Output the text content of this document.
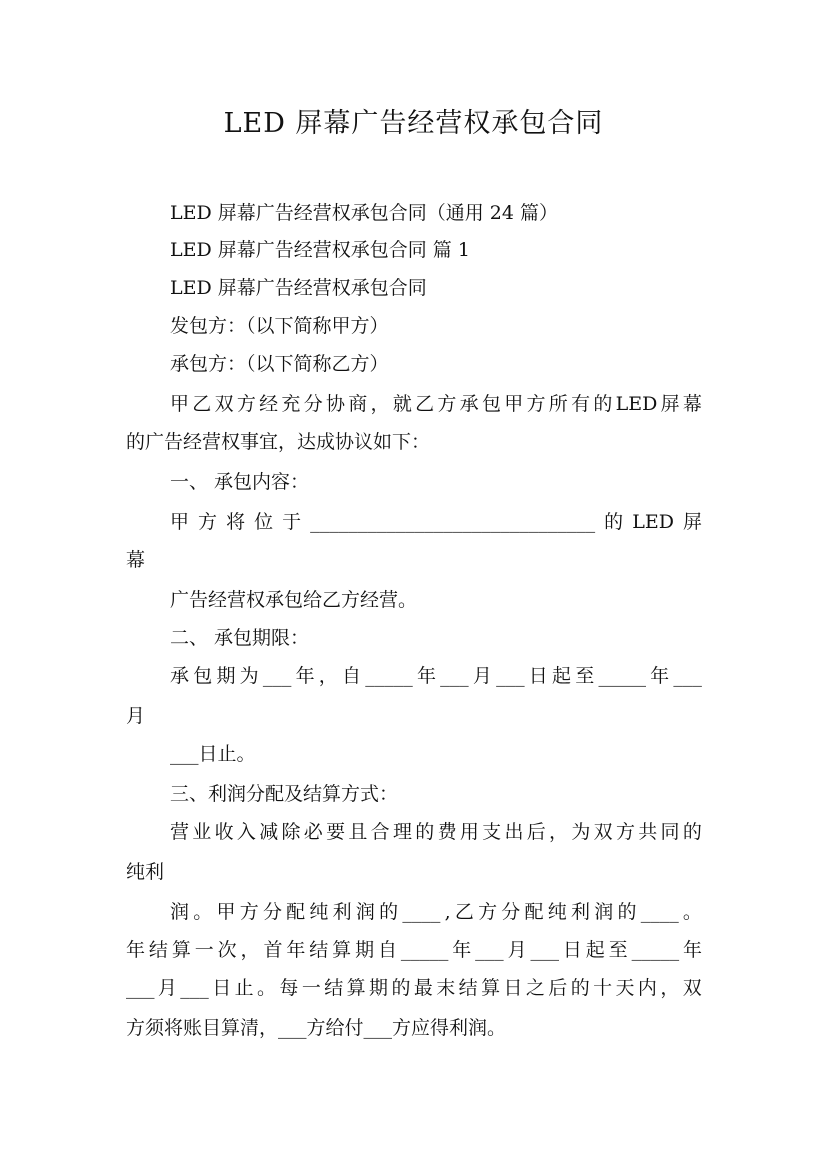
LED 屏幕广告经营权承包合同
LED 屏幕广告经营权承包合同（通用 24 篇）
LED 屏幕广告经营权承包合同 篇 1
LED 屏幕广告经营权承包合同
发包方：（以下简称甲方）
承包方：（以下简称乙方）
甲 乙 双 方 经 充 分 协 商 ， 就 乙 方 承 包 甲 方 所 有 的 LED 屏 幕
的广告经营权事宜，达成协议如下：
一、 承包内容：
甲 方 将 位 于 ______________________________ 的 LED 屏
幕
广告经营权承包给乙方经营。
二、 承包期限：
承 包 期 为 ___ 年 ， 自 _____ 年 ___ 月 ___ 日 起 至 _____ 年 ___
月
___日止。
三、利润分配及结算方式：
营 业 收 入 减 除 必 要 且 合 理 的 费 用 支 出 后 ， 为 双 方 共 同 的
纯利
润 。 甲 方 分 配 纯 利 润 的 ____ , 乙 方 分 配 纯 利 润 的 ____ 。
年 结 算 一 次 ， 首 年 结 算 期 自 _____ 年 ___ 月 ___ 日 起 至 _____ 年
___ 月 ___ 日 止 。 每 一 结 算 期 的 最 末 结 算 日 之 后 的 十 天 内 ， 双
方须将账目算清，___方给付___方应得利润。
